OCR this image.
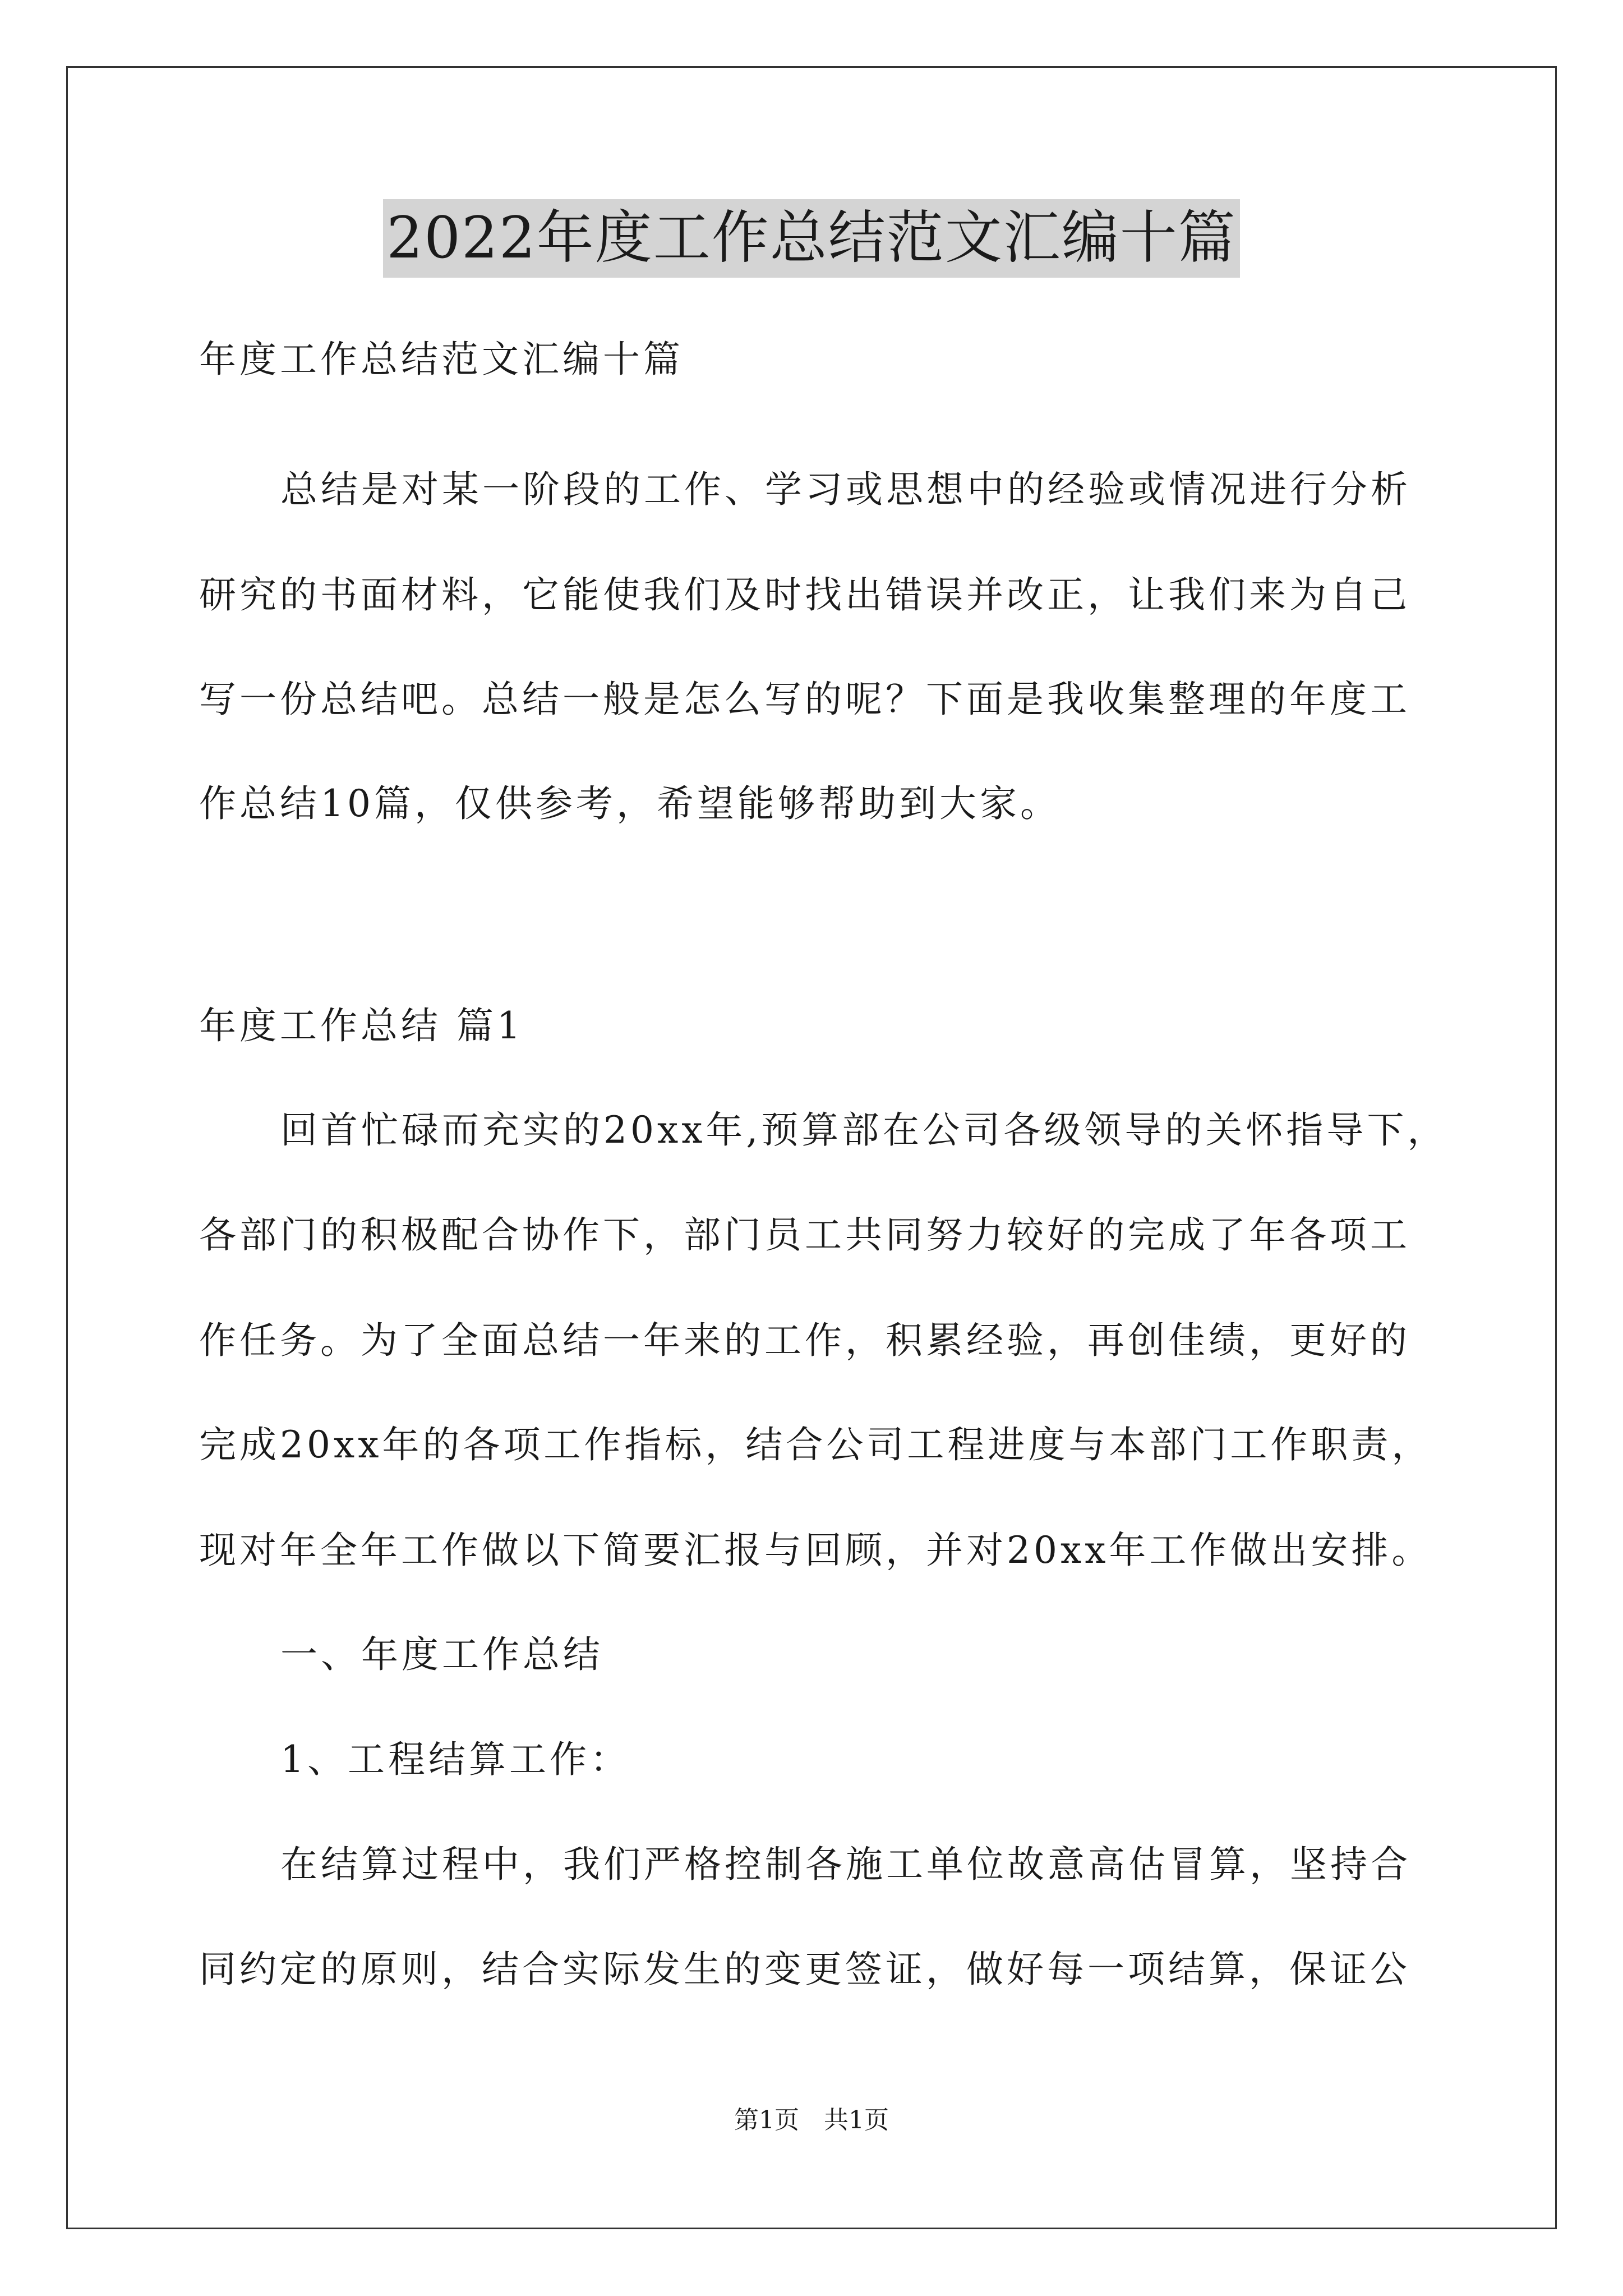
2022年度工作总结范文汇编十篇
年度工作总结范文汇编十篇
总结是对某一阶段的工作、学习或思想中的经验或情况进行分析
研究的书面材料，它能使我们及时找出错误并改正，让我们来为自己
写一份总结吧。总结一般是怎么写的呢？下面是我收集整理的年度工
作总结10篇，仅供参考，希望能够帮助到大家。
年度工作总结 篇1
回首忙碌而充实的20xx年,预算部在公司各级领导的关怀指导下，
各部门的积极配合协作下，部门员工共同努力较好的完成了年各项工
作任务。为了全面总结一年来的工作，积累经验，再创佳绩，更好的
完成20xx年的各项工作指标，结合公司工程进度与本部门工作职责，
现对年全年工作做以下简要汇报与回顾，并对20xx年工作做出安排。
一、年度工作总结
1、工程结算工作：
在结算过程中，我们严格控制各施工单位故意高估冒算，坚持合
同约定的原则，结合实际发生的变更签证，做好每一项结算，保证公
第1页　共1页
